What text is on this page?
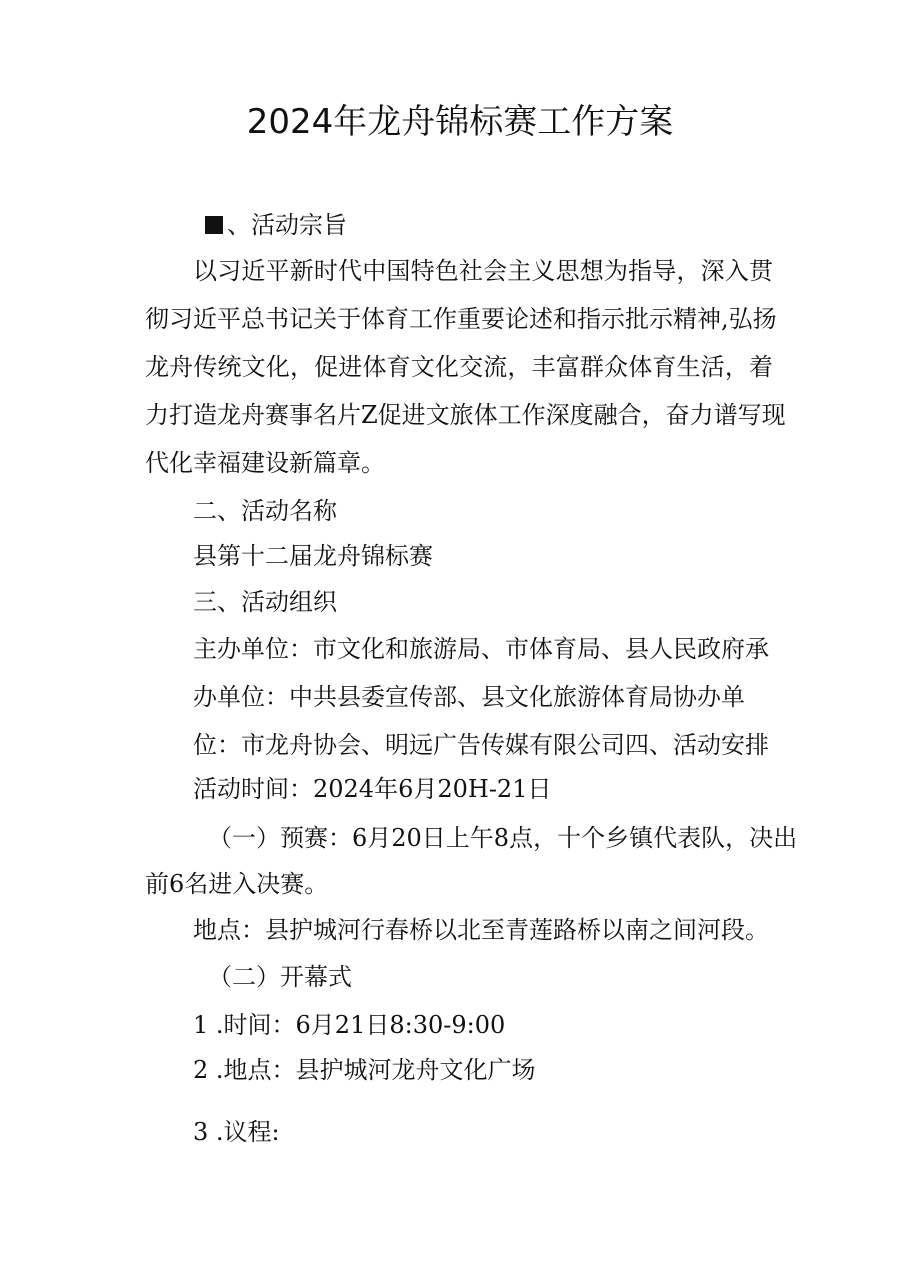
2024年龙舟锦标赛工作方案
、活动宗旨
以习近平新时代中国特色社会主义思想为指导，深入贯
彻习近平总书记关于体育工作重要论述和指示批示精神,弘扬
龙舟传统文化，促进体育文化交流，丰富群众体育生活，着
力打造龙舟赛事名片Z促进文旅体工作深度融合，奋力谱写现
代化幸福建设新篇章。
二、活动名称
县第十二届龙舟锦标赛
三、活动组织
主办单位：市文化和旅游局、市体育局、县人民政府承
办单位：中共县委宣传部、县文化旅游体育局协办单
位：市龙舟协会、明远广告传媒有限公司四、活动安排
活动时间：2024年6月20H-21日
（一）预赛：6月20日上午8点，十个乡镇代表队，决出
前6名进入决赛。
地点：县护城河行春桥以北至青莲路桥以南之间河段。
（二）开幕式
1 .时间：6月21日8:30-9:00
2 .地点：县护城河龙舟文化广场
3 .议程:
